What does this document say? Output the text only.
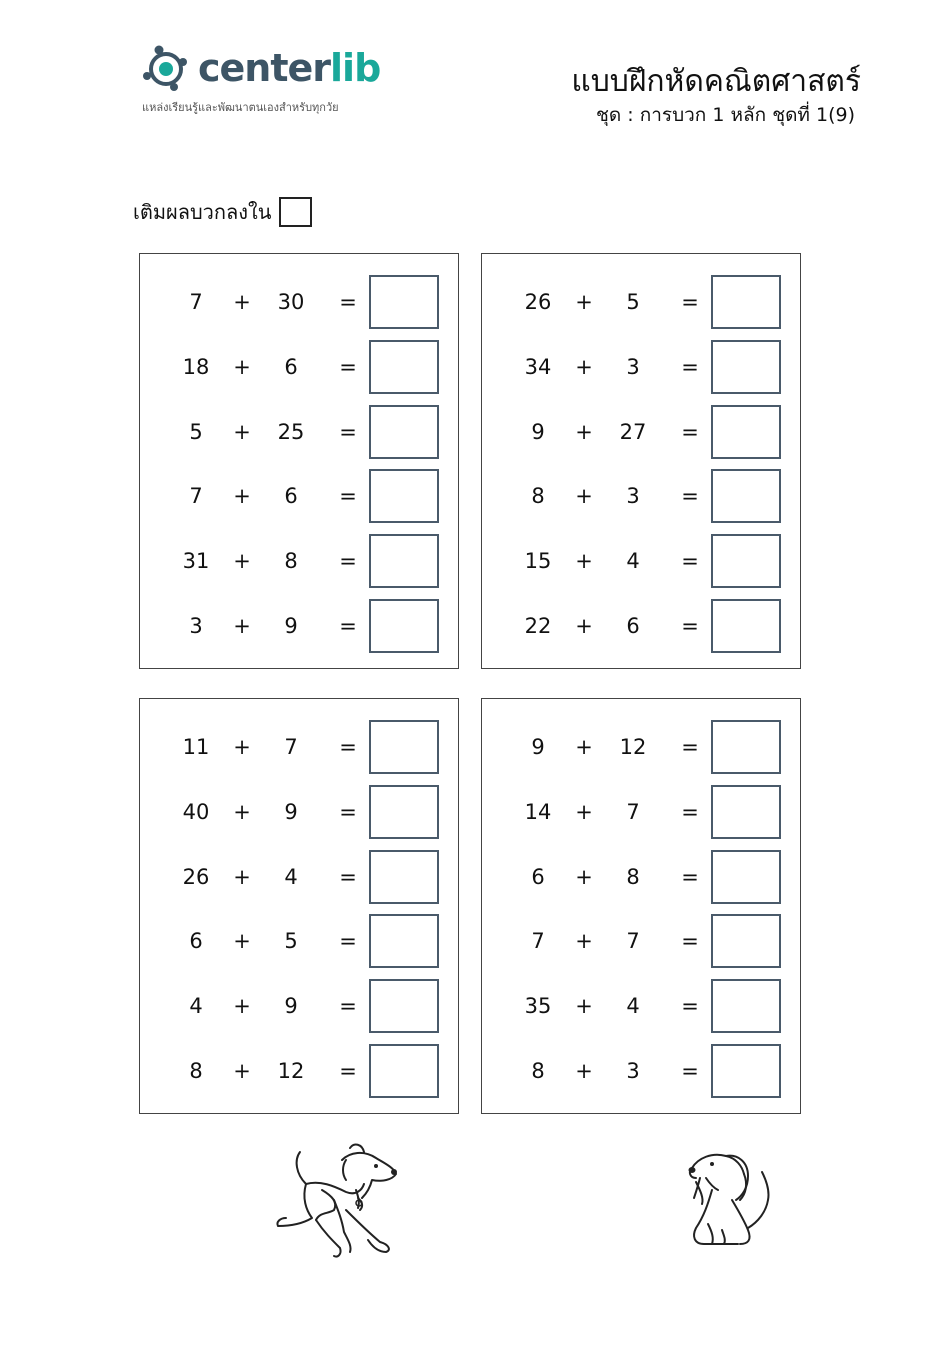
centerlib
แหล่งเรียนรู้และพัฒนาตนเองสำหรับทุกวัย
แบบฝึกหัดคณิตศาสตร์
ชุด : การบวก 1 หลัก ชุดที่ 1(9)
เติมผลบวกลงใน
7	+	30	=
18	+	6	=
5	+	25	=
7	+	6	=
31	+	8	=
3	+	9	=
26	+	5	=
34	+	3	=
9	+	27	=
8	+	3	=
15	+	4	=
22	+	6	=
11	+	7	=
40	+	9	=
26	+	4	=
6	+	5	=
4	+	9	=
8	+	12	=
9	+	12	=
14	+	7	=
6	+	8	=
7	+	7	=
35	+	4	=
8	+	3	=
